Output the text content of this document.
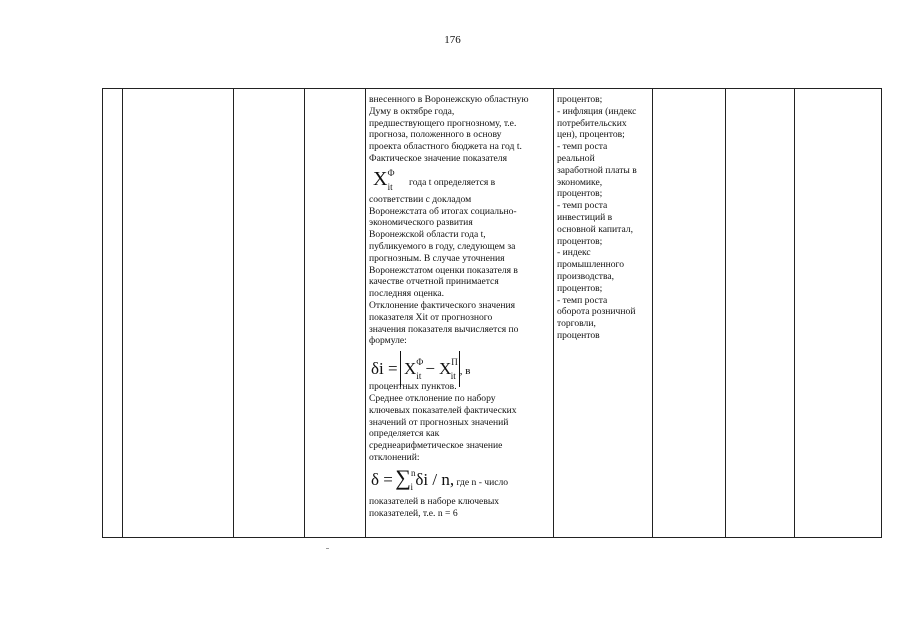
176
внесенного в Воронежскую областную
Думу в октябре года,
предшествующего прогнозному, т.е.
прогноза, положенного в основу
проекта областного бюджета на год t.
Фактическое значение показателя
XФit года t определяется в
соответствии с докладом
Воронежстата об итогах социально-
экономического развития
Воронежской области года t,
публикуемого в году, следующем за
прогнозным. В случае уточнения
Воронежстатом оценки показателя в
качестве отчетной принимается
последняя оценка.
Отклонение фактического значения
показателя Xit от прогнозного
значения показателя вычисляется по
формуле:
δi = XФit − XПit , в
процентных пунктов.
Среднее отклонение по набору
ключевых показателей фактических
значений от прогнозных значений
определяется как
среднеарифметическое значение
отклонений:
δ = ∑ni δi / n, где n - число
показателей в наборе ключевых
показателей, т.е. n = 6
процентов;
- инфляция (индекс
потребительских
цен), процентов;
- темп роста
реальной
заработной платы в
экономике,
процентов;
- темп роста
инвестиций в
основной капитал,
процентов;
- индекс
промышленного
производства,
процентов;
- темп роста
оборота розничной
торговли,
процентов
